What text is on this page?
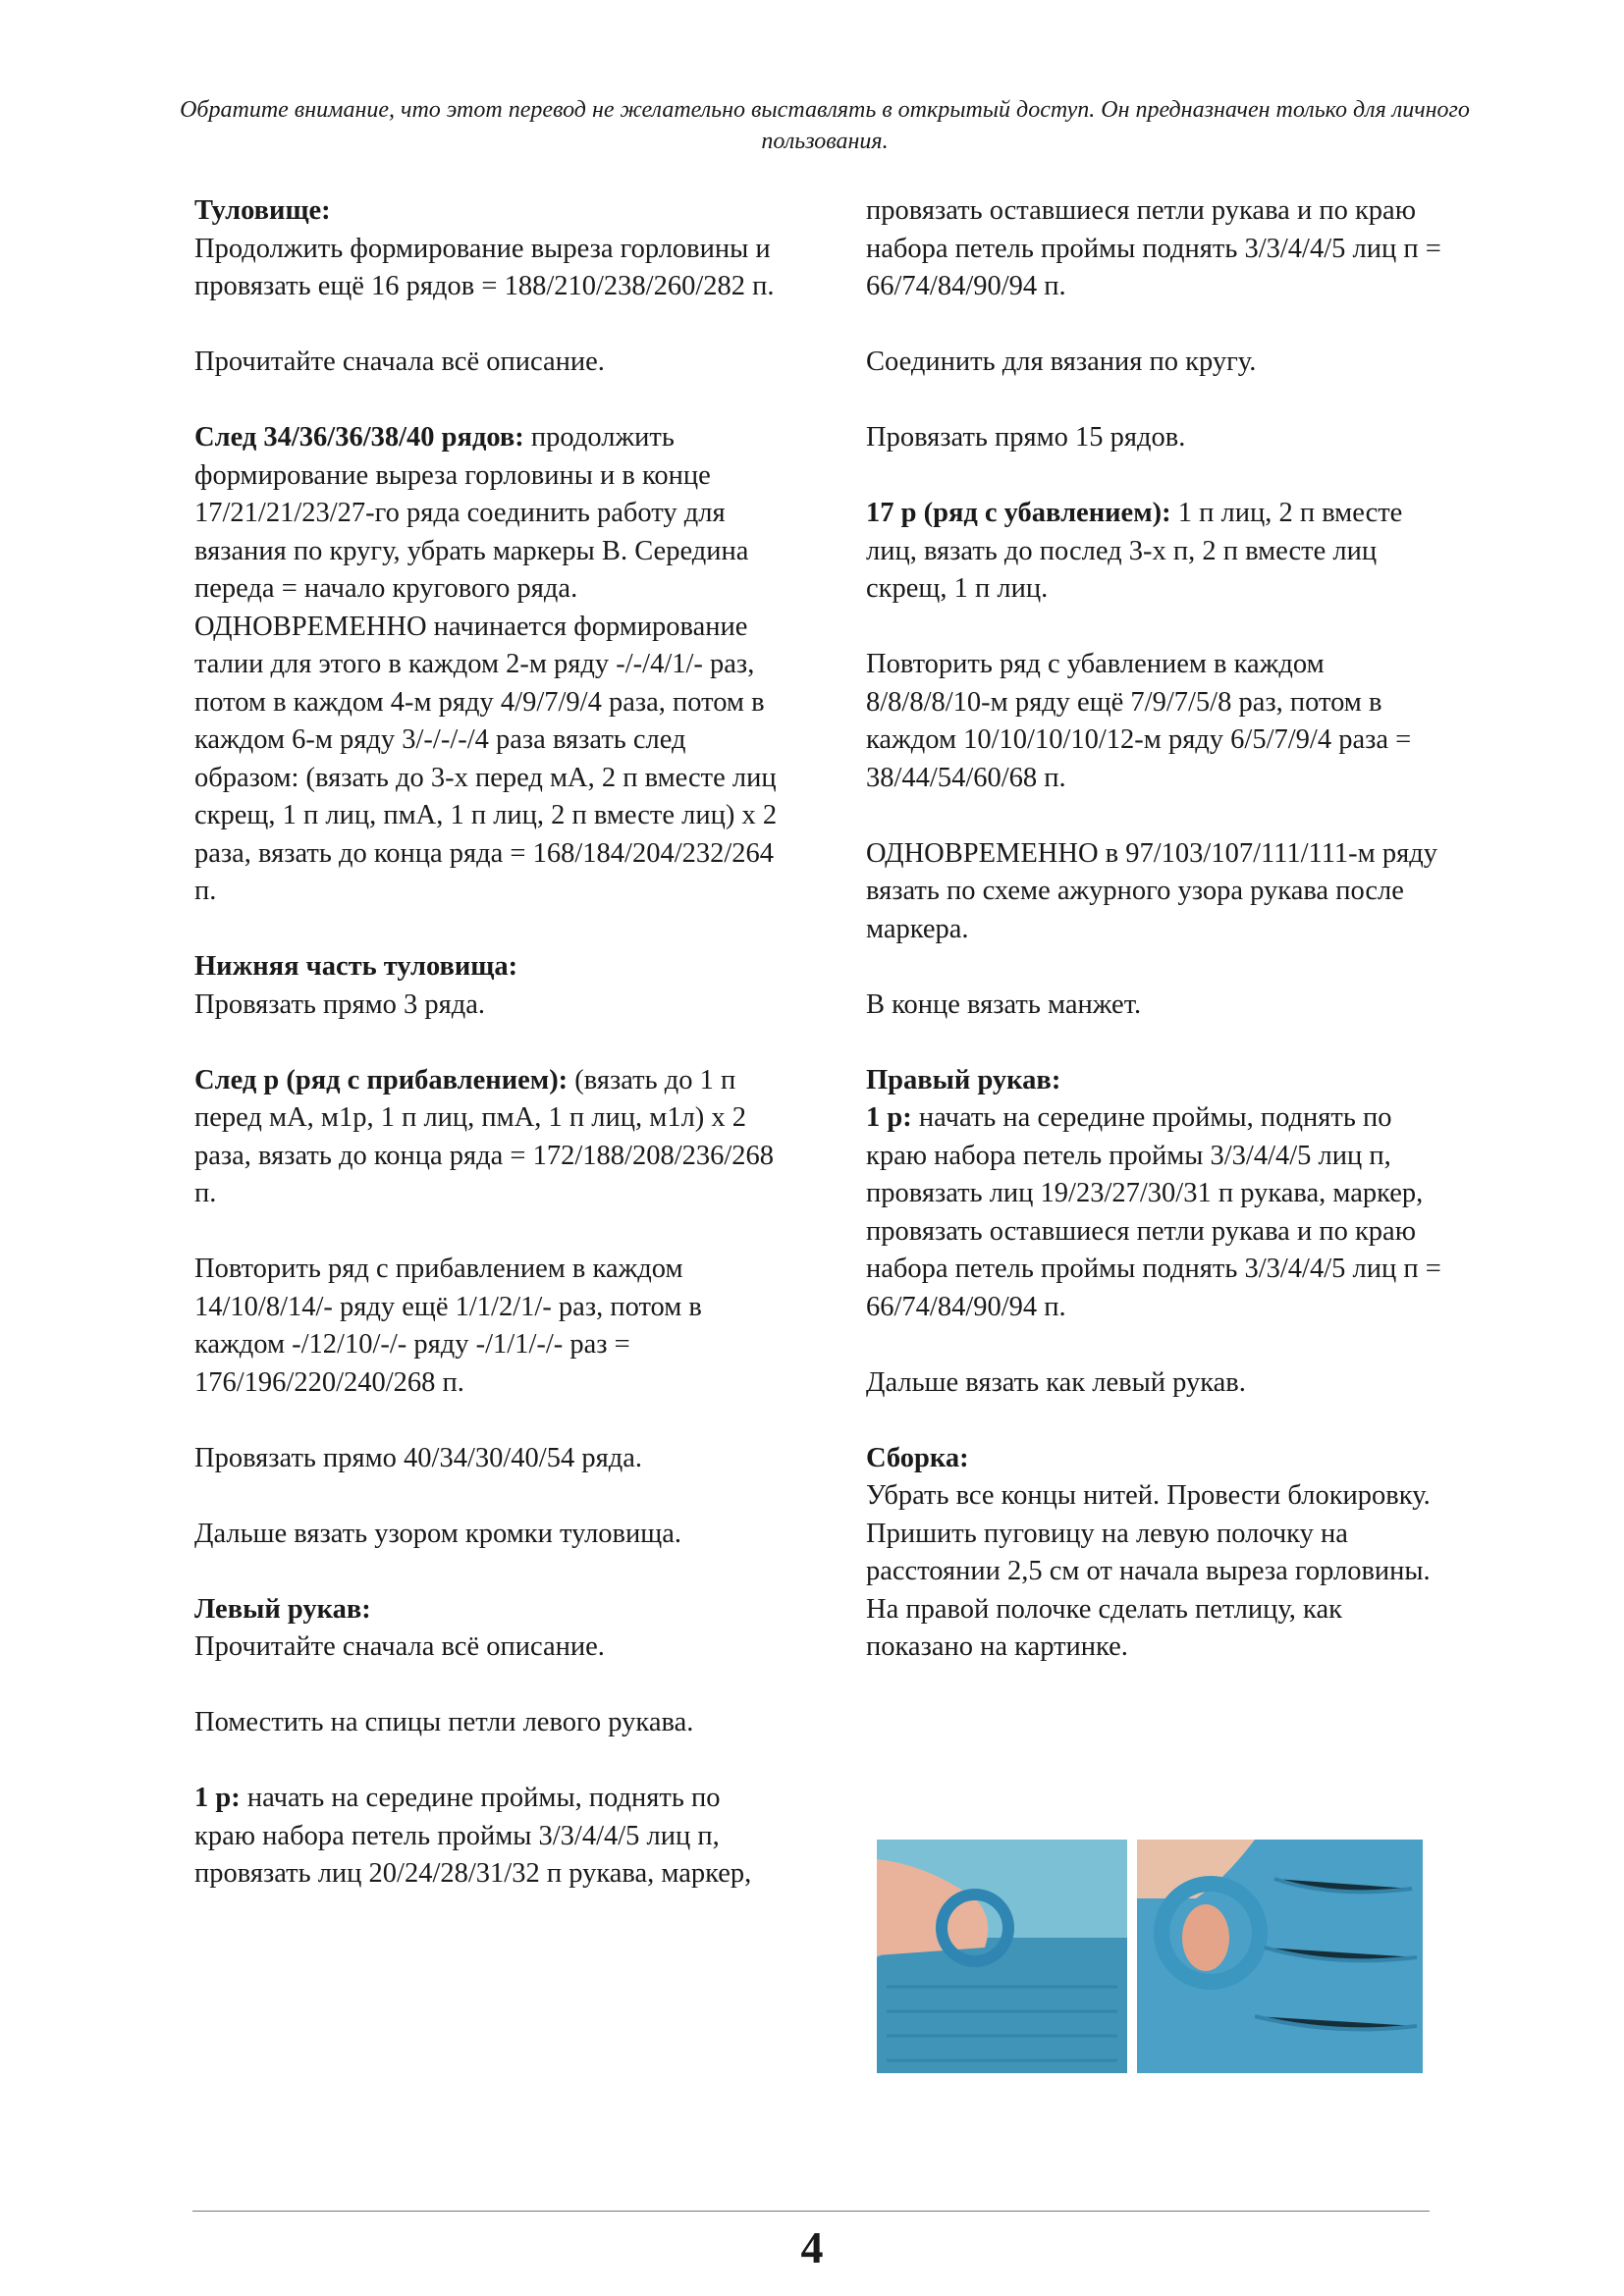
Обратите внимание, что этот перевод не желательно выставлять в открытый доступ. Он предназначен только для личного пользования.

Туловище:

Продолжить формирование выреза горловины и провязать ещё 16 рядов = 188/210/238/260/282 п.

Прочитайте сначала всё описание.

След 34/36/36/38/40 рядов: продолжить формирование выреза горловины и в конце 17/21/21/23/27-го ряда соединить работу для вязания по кругу, убрать маркеры В. Середина переда = начало кругового ряда. ОДНОВРЕМЕННО начинается формирование талии для этого в каждом 2-м ряду -/-/4/1/- раз, потом в каждом 4-м ряду 4/9/7/9/4 раза, потом в каждом 6-м ряду 3/-/-/-/4 раза вязать след образом: (вязать до 3-х перед мА, 2 п вместе лиц скрещ, 1 п лиц, пмА, 1 п лиц, 2 п вместе лиц) х 2 раза, вязать до конца ряда = 168/184/204/232/264 п.

Нижняя часть туловища:

Провязать прямо 3 ряда.

След р (ряд с прибавлением): (вязать до 1 п перед мА, м1р, 1 п лиц, пмА, 1 п лиц, м1л) х 2 раза, вязать до конца ряда = 172/188/208/236/268 п.

Повторить ряд с прибавлением в каждом 14/10/8/14/- ряду ещё 1/1/2/1/- раз, потом в каждом -/12/10/-/- ряду -/1/1/-/- раз = 176/196/220/240/268 п.

Провязать прямо 40/34/30/40/54 ряда.

Дальше вязать узором кромки туловища.

Левый рукав:

Прочитайте сначала всё описание.

Поместить на спицы петли левого рукава.

1 р: начать на середине проймы, поднять по краю набора петель проймы 3/3/4/4/5 лиц п, провязать лиц 20/24/28/31/32 п рукава, маркер,

провязать оставшиеся петли рукава и по краю набора петель проймы поднять 3/3/4/4/5 лиц п = 66/74/84/90/94 п.

Соединить для вязания по кругу.

Провязать прямо 15 рядов.

17 р (ряд с убавлением): 1 п лиц, 2 п вместе лиц, вязать до послед 3-х п, 2 п вместе лиц скрещ, 1 п лиц.

Повторить ряд с убавлением в каждом 8/8/8/8/10-м ряду ещё 7/9/7/5/8 раз, потом в каждом 10/10/10/10/12-м ряду 6/5/7/9/4 раза = 38/44/54/60/68 п.

ОДНОВРЕМЕННО в 97/103/107/111/111-м ряду вязать по схеме ажурного узора рукава после маркера.

В конце вязать манжет.

Правый рукав:

1 р: начать на середине проймы, поднять по краю набора петель проймы 3/3/4/4/5 лиц п, провязать лиц 19/23/27/30/31 п рукава, маркер, провязать оставшиеся петли рукава и по краю набора петель проймы поднять 3/3/4/4/5 лиц п = 66/74/84/90/94 п.

Дальше вязать как левый рукав.

Сборка:

Убрать все концы нитей. Провести блокировку. Пришить пуговицу на левую полочку на расстоянии 2,5 см от начала выреза горловины. На правой полочке сделать петлицу, как показано на картинке.

4
